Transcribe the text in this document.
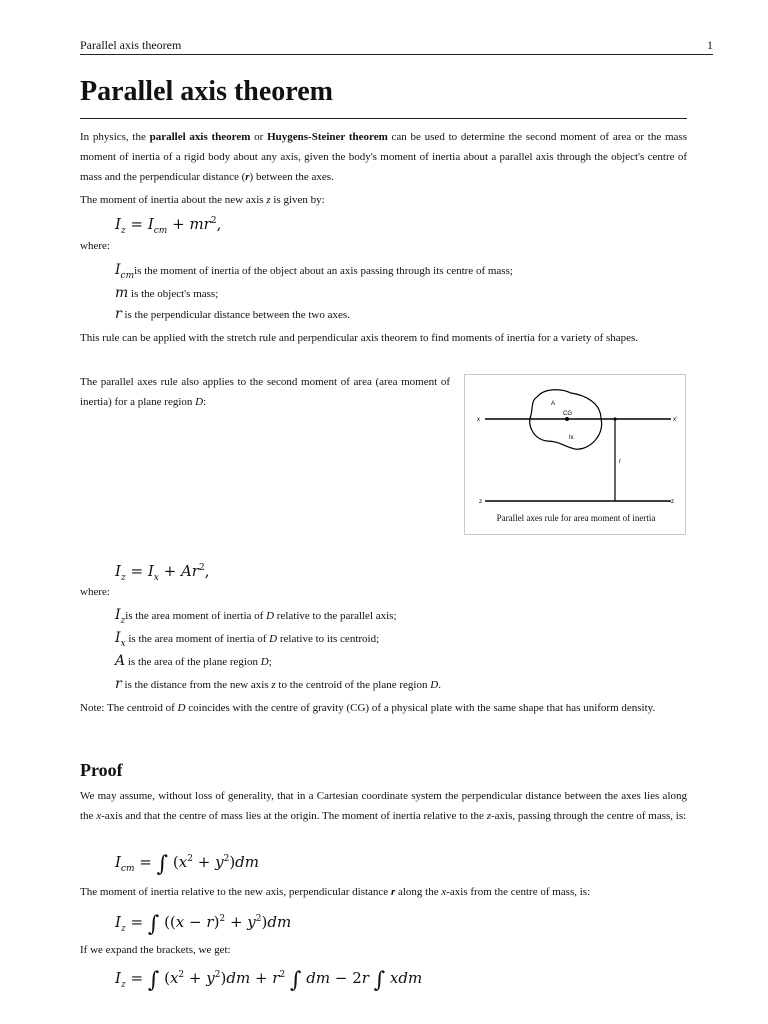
Parallel axis theorem	1
Parallel axis theorem

In physics, the parallel axis theorem or Huygens-Steiner theorem can be used to determine the second moment of area or the mass moment of inertia of a rigid body about any axis, given the body's moment of inertia about a parallel axis through the object's centre of mass and the perpendicular distance (r) between the axes.

The moment of inertia about the new axis z is given by:

$I_z = I_{cm} + mr^2$,
where:
$I_{cm}is$ the moment of inertia of the object about an axis passing through its centre of mass;
m is the object's mass;
r is the perpendicular distance between the two axes.

This rule can be applied with the stretch rule and perpendicular axis theorem to find moments of inertia for a variety of shapes.

The parallel axes rule also applies to the second moment of area (area moment of inertia) for a plane region D:

x	x'
A
CG
Ix
r
z	z
Parallel axes rule for area moment of inertia
$I_z = I_x + Ar^2$,
where:
$I_zis$ the area moment of inertia of D relative to the parallel axis;
$I_x$ is the area moment of inertia of D relative to its centroid;
A is the area of the plane region D;
r is the distance from the new axis z to the centroid of the plane region D.

Note: The centroid of D coincides with the centre of gravity (CG) of a physical plate with the same shape that has uniform density.

Proof

We may assume, without loss of generality, that in a Cartesian coordinate system the perpendicular distance between the axes lies along the x-axis and that the centre of mass lies at the origin. The moment of inertia relative to the z-axis, passing through the centre of mass, is:

$I_{cm}$ = ∫ $(x^2 + y^2)dm$

The moment of inertia relative to the new axis, perpendicular distance r along the x-axis from the centre of mass, is:

$I_z$ = ∫ $((x - r)^2 + y^2)dm$

If we expand the brackets, we get:

$I_z$ = ∫ $(x^2 + y^2)dm + r^2$ ∫ dm − 2r ∫ xdm
